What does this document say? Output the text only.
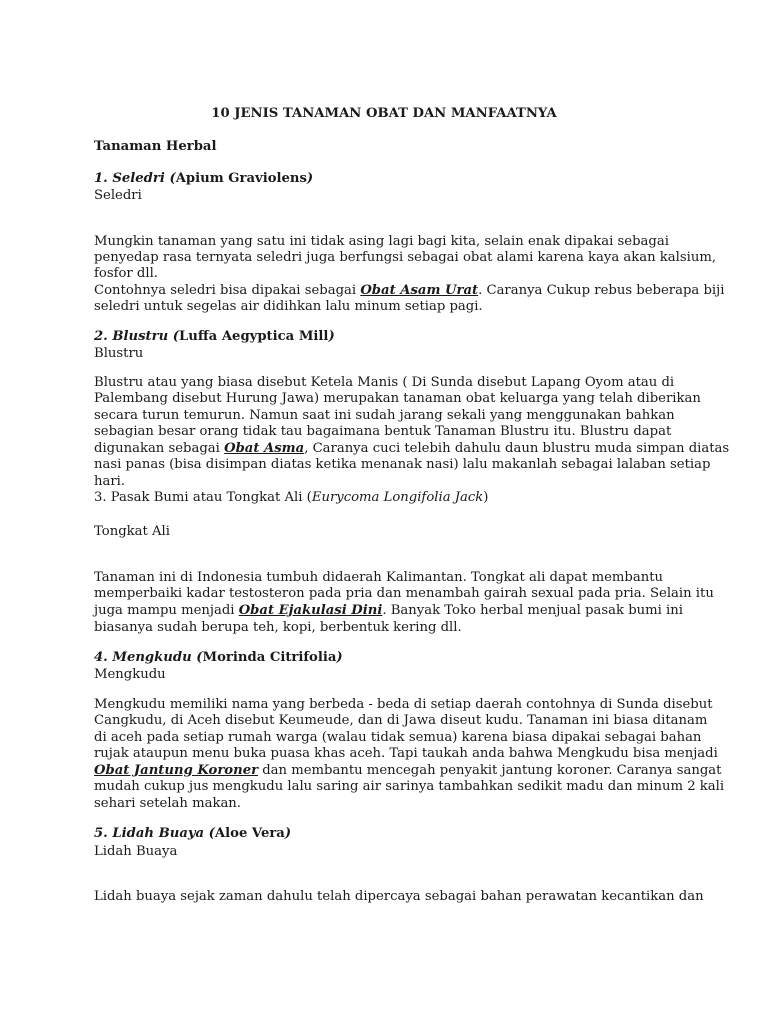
10 JENIS TANAMAN OBAT DAN MANFAATNYA
Tanaman Herbal
1. Seledri (Apium Graviolens)
Seledri
Mungkin tanaman yang satu ini tidak asing lagi bagi kita, selain enak dipakai sebagai
penyedap rasa ternyata seledri juga berfungsi sebagai obat alami karena kaya akan kalsium,
fosfor dll.
Contohnya seledri bisa dipakai sebagai Obat Asam Urat. Caranya Cukup rebus beberapa biji
seledri untuk segelas air didihkan lalu minum setiap pagi.
2. Blustru (Luffa Aegyptica Mill)
Blustru
Blustru atau yang biasa disebut Ketela Manis ( Di Sunda disebut Lapang Oyom atau di
Palembang disebut Hurung Jawa) merupakan tanaman obat keluarga yang telah diberikan
secara turun temurun. Namun saat ini sudah jarang sekali yang menggunakan bahkan
sebagian besar orang tidak tau bagaimana bentuk Tanaman Blustru itu. Blustru dapat
digunakan sebagai Obat Asma, Caranya cuci telebih dahulu daun blustru muda simpan diatas
nasi panas (bisa disimpan diatas ketika menanak nasi) lalu makanlah sebagai lalaban setiap
hari.
3. Pasak Bumi atau Tongkat Ali (Eurycoma Longifolia Jack)
Tongkat Ali
Tanaman ini di Indonesia tumbuh didaerah Kalimantan. Tongkat ali dapat membantu
memperbaiki kadar testosteron pada pria dan menambah gairah sexual pada pria. Selain itu
juga mampu menjadi Obat Ejakulasi Dini. Banyak Toko herbal menjual pasak bumi ini
biasanya sudah berupa teh, kopi, berbentuk kering dll.
4. Mengkudu (Morinda Citrifolia)
Mengkudu
Mengkudu memiliki nama yang berbeda - beda di setiap daerah contohnya di Sunda disebut
Cangkudu, di Aceh disebut Keumeude, dan di Jawa diseut kudu. Tanaman ini biasa ditanam
di aceh pada setiap rumah warga (walau tidak semua) karena biasa dipakai sebagai bahan
rujak ataupun menu buka puasa khas aceh. Tapi taukah anda bahwa Mengkudu bisa menjadi
Obat Jantung Koroner dan membantu mencegah penyakit jantung koroner. Caranya sangat
mudah cukup jus mengkudu lalu saring air sarinya tambahkan sedikit madu dan minum 2 kali
sehari setelah makan.
5. Lidah Buaya (Aloe Vera)
Lidah Buaya
Lidah buaya sejak zaman dahulu telah dipercaya sebagai bahan perawatan kecantikan dan
